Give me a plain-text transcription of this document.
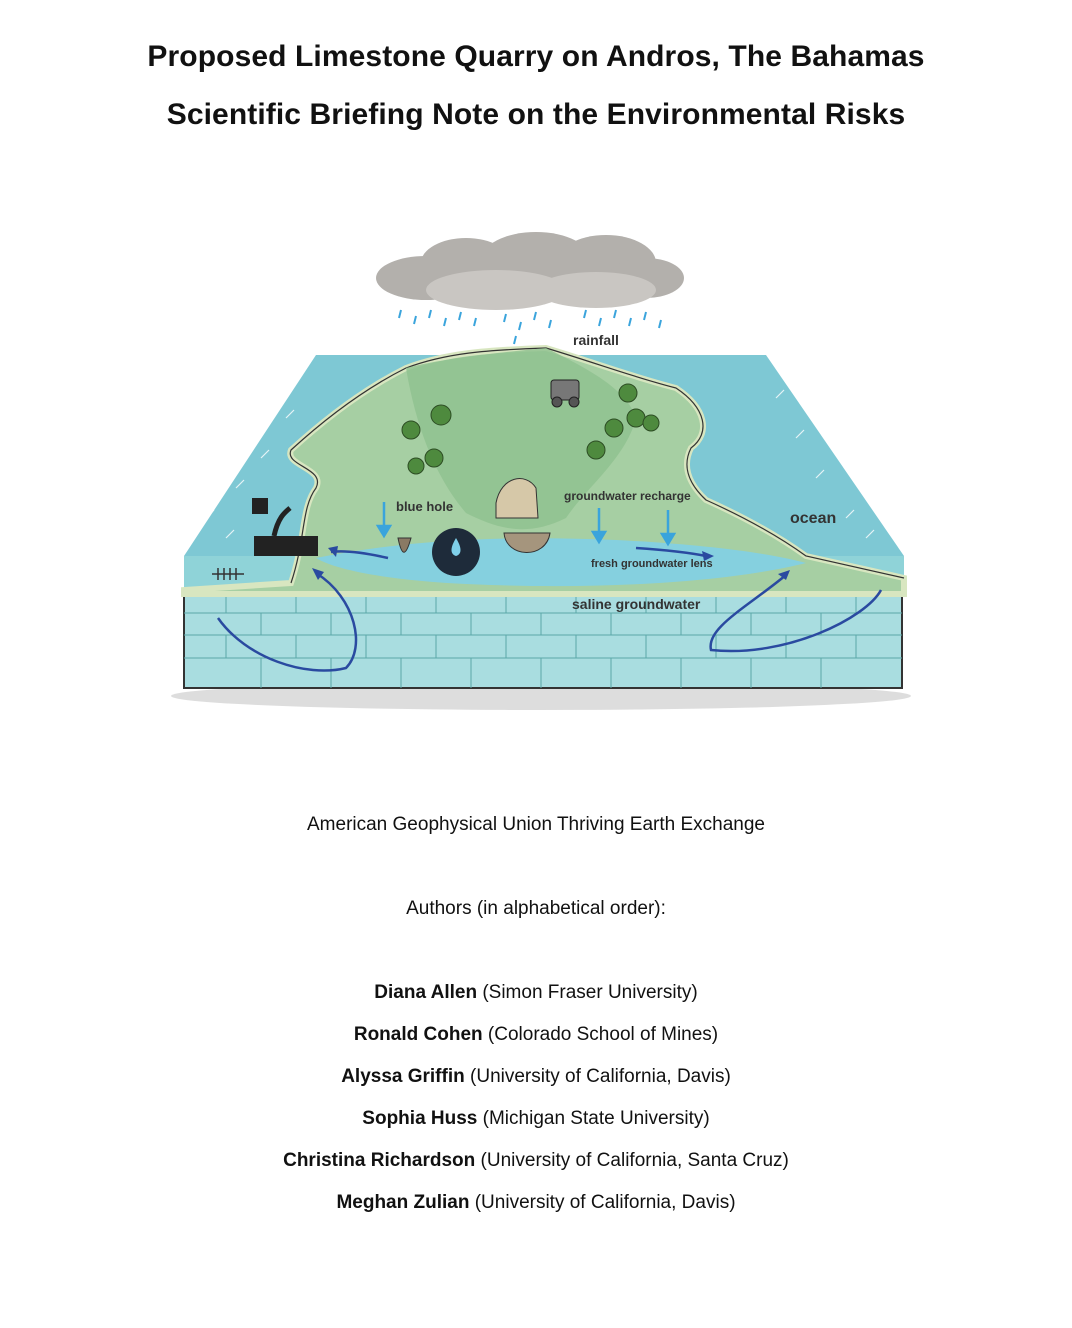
Proposed Limestone Quarry on Andros, The Bahamas
Scientific Briefing Note on the Environmental Risks
rainfall
blue hole
groundwater recharge
ocean
fresh groundwater lens
saline groundwater
American Geophysical Union Thriving Earth Exchange
Authors (in alphabetical order):
Diana Allen (Simon Fraser University)
Ronald Cohen (Colorado School of Mines)
Alyssa Griffin (University of California, Davis)
Sophia Huss (Michigan State University)
Christina Richardson (University of California, Santa Cruz)
Meghan Zulian (University of California, Davis)
